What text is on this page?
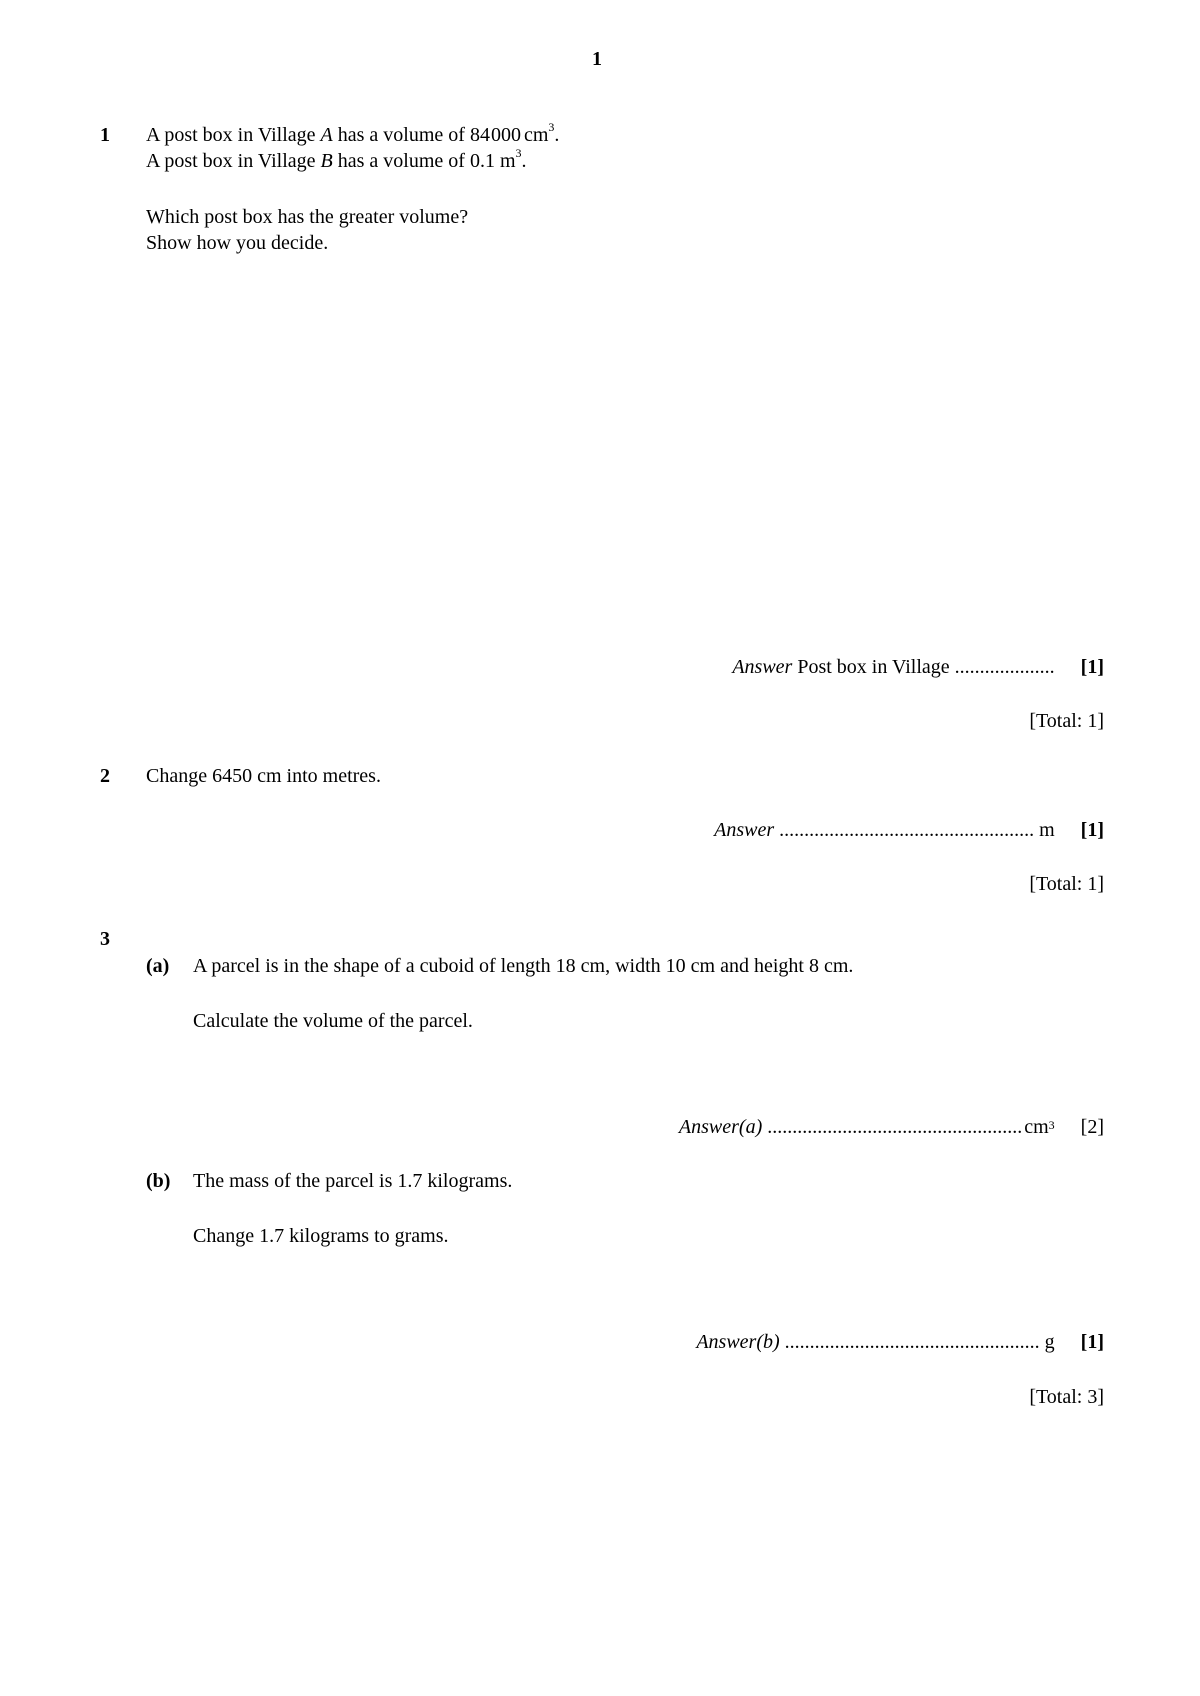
1
1 A post box in Village A has a volume of 84000 $cm^3$.
A post box in Village B has a volume of 0.1 $m^3$.
Which post box has the greater volume?
Show how you decide.
Answer Post box in Village .................... [1]
[Total: 1]
2 Change 6450 cm into metres.
Answer ................................................... m [1]
[Total: 1]
3
(a) A parcel is in the shape of a cuboid of length 18 cm, width 10 cm and height 8 cm.
Calculate the volume of the parcel.
Answer(a) ................................................... $cm^3$ [2]
(b) The mass of the parcel is 1.7 kilograms.
Change 1.7 kilograms to grams.
Answer(b) ................................................... g [1]
[Total: 3]
